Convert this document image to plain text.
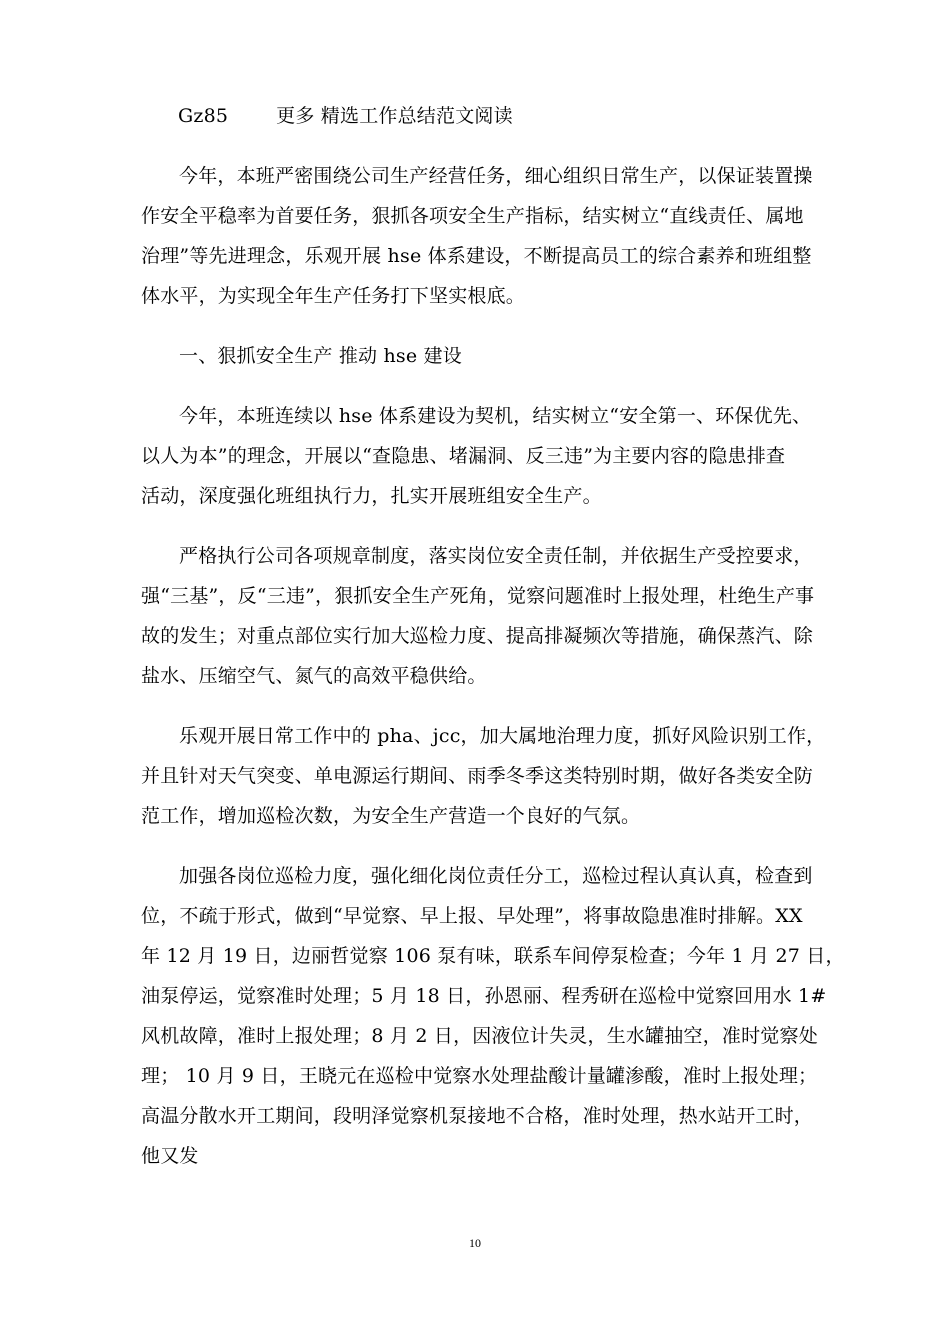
Gz85	更多 精选工作总结范文阅读
今年，本班严密围绕公司生产经营任务，细心组织日常生产，以保证装置操
作安全平稳率为首要任务，狠抓各项安全生产指标，结实树立“直线责任、属地
治理”等先进理念，乐观开展 hse 体系建设，不断提高员工的综合素养和班组整
体水平，为实现全年生产任务打下坚实根底。
一、狠抓安全生产 推动 hse 建设
今年，本班连续以 hse 体系建设为契机，结实树立“安全第一、环保优先、
以人为本”的理念，开展以“查隐患、堵漏洞、反三违”为主要内容的隐患排查
活动，深度强化班组执行力，扎实开展班组安全生产。
严格执行公司各项规章制度，落实岗位安全责任制，并依据生产受控要求，
强“三基”，反“三违”，狠抓安全生产死角，觉察问题准时上报处理，杜绝生产事
故的发生；对重点部位实行加大巡检力度、提高排凝频次等措施，确保蒸汽、除
盐水、压缩空气、氮气的高效平稳供给。
乐观开展日常工作中的 pha、jcc，加大属地治理力度，抓好风险识别工作，
并且针对天气突变、单电源运行期间、雨季冬季这类特别时期，做好各类安全防
范工作，增加巡检次数，为安全生产营造一个良好的气氛。
加强各岗位巡检力度，强化细化岗位责任分工，巡检过程认真认真，检查到
位，不疏于形式，做到“早觉察、早上报、早处理”，将事故隐患准时排解。XX
年 12 月 19 日，边丽哲觉察 106 泵有味，联系车间停泵检查；今年 1 月 27 日，
油泵停运，觉察准时处理；5 月 18 日，孙恩丽、程秀研在巡检中觉察回用水 1#
风机故障，准时上报处理；8 月 2 日，因液位计失灵，生水罐抽空，准时觉察处
理； 10 月 9 日，王晓元在巡检中觉察水处理盐酸计量罐渗酸，准时上报处理；
高温分散水开工期间，段明泽觉察机泵接地不合格，准时处理，热水站开工时，
他又发
10
